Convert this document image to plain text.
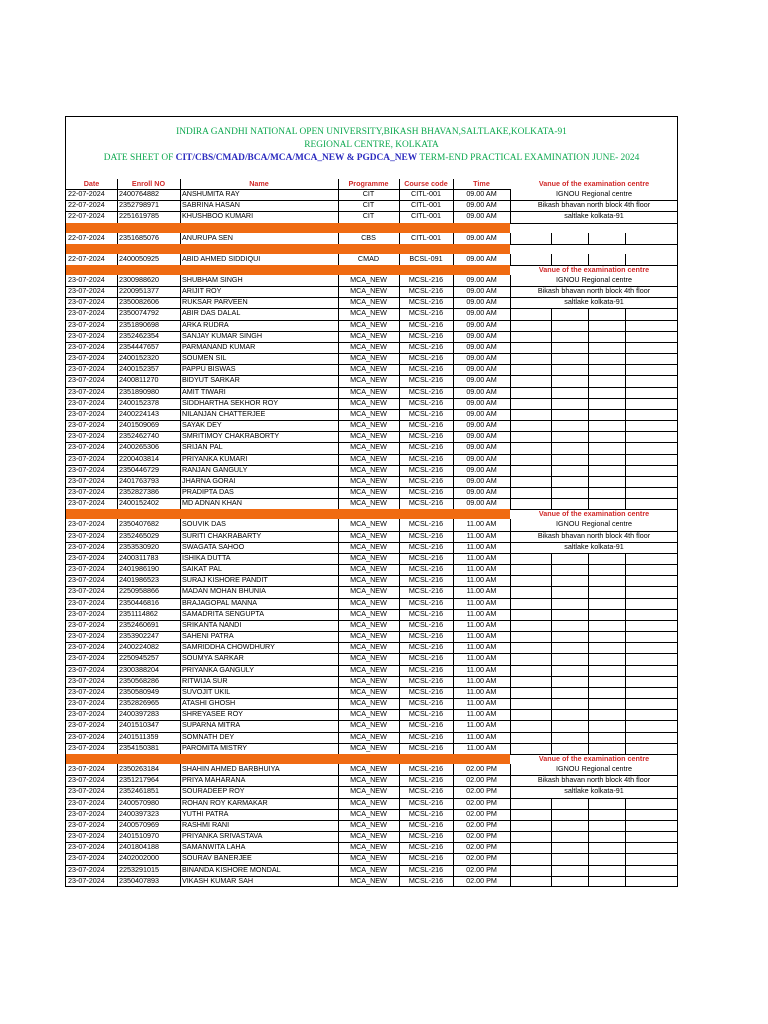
INDIRA GANDHI NATIONAL OPEN UNIVERSITY,BIKASH BHAVAN,SALTLAKE,KOLKATA-91
REGIONAL CENTRE, KOLKATA
DATE SHEET OF CIT/CBS/CMAD/BCA/MCA/MCA_NEW & PGDCA_NEW TERM-END PRACTICAL EXAMINATION JUNE- 2024
Date	Enroll NO	Name	Programme	Course code	Time	Vanue of the examination centre
22-07-2024	2400764882	ANSHUMITA RAY	CIT	CITL-001	09.00 AM	IGNOU Regional centre
22-07-2024	2352798971	SABRINA HASAN	CIT	CITL-001	09.00 AM	Bikash bhavan north block 4th floor
22-07-2024	2251619785	KHUSHBOO KUMARI	CIT	CITL-001	09.00 AM	saltlake kolkata-91
22-07-2024	2351685076	ANURUPA SEN	CBS	CITL-001	09.00 AM
22-07-2024	2400050925	ABID AHMED SIDDIQUI	CMAD	BCSL-091	09.00 AM
Vanue of the examination centre
23-07-2024	2300988620	SHUBHAM SINGH	MCA_NEW	MCSL-216	09.00 AM	IGNOU Regional centre
23-07-2024	2200951377	ARIJIT ROY	MCA_NEW	MCSL-216	09.00 AM	Bikash bhavan north block 4th floor
23-07-2024	2350082606	RUKSAR PARVEEN	MCA_NEW	MCSL-216	09.00 AM	saltlake kolkata-91
23-07-2024	2350074792	ABIR DAS DALAL	MCA_NEW	MCSL-216	09.00 AM
23-07-2024	2351890698	ARKA RUDRA	MCA_NEW	MCSL-216	09.00 AM
23-07-2024	2352462354	SANJAY KUMAR SINGH	MCA_NEW	MCSL-216	09.00 AM
23-07-2024	2354447657	PARMANAND KUMAR	MCA_NEW	MCSL-216	09.00 AM
23-07-2024	2400152320	SOUMEN SIL	MCA_NEW	MCSL-216	09.00 AM
23-07-2024	2400152357	PAPPU BISWAS	MCA_NEW	MCSL-216	09.00 AM
23-07-2024	2400811270	BIDYUT SARKAR	MCA_NEW	MCSL-216	09.00 AM
23-07-2024	2351890980	AMIT TIWARI	MCA_NEW	MCSL-216	09.00 AM
23-07-2024	2400152378	SIDDHARTHA SEKHOR ROY	MCA_NEW	MCSL-216	09.00 AM
23-07-2024	2400224143	NILANJAN CHATTERJEE	MCA_NEW	MCSL-216	09.00 AM
23-07-2024	2401509069	SAYAK DEY	MCA_NEW	MCSL-216	09.00 AM
23-07-2024	2352462740	SMRITIMOY CHAKRABORTY	MCA_NEW	MCSL-216	09.00 AM
23-07-2024	2400265306	SRIJAN PAL	MCA_NEW	MCSL-216	09.00 AM
23-07-2024	2200403814	PRIYANKA KUMARI	MCA_NEW	MCSL-216	09.00 AM
23-07-2024	2350446729	RANJAN GANGULY	MCA_NEW	MCSL-216	09.00 AM
23-07-2024	2401763793	JHARNA GORAI	MCA_NEW	MCSL-216	09.00 AM
23-07-2024	2352827386	PRADIPTA DAS	MCA_NEW	MCSL-216	09.00 AM
23-07-2024	2400152402	MD ADNAN KHAN	MCA_NEW	MCSL-216	09.00 AM
Vanue of the examination centre
23-07-2024	2350407682	SOUVIK DAS	MCA_NEW	MCSL-216	11.00 AM	IGNOU Regional centre
23-07-2024	2352465029	SURITI CHAKRABARTY	MCA_NEW	MCSL-216	11.00 AM	Bikash bhavan north block 4th floor
23-07-2024	2353530920	SWAGATA SAHOO	MCA_NEW	MCSL-216	11.00 AM	saltlake kolkata-91
23-07-2024	2400311783	ISHIKA DUTTA	MCA_NEW	MCSL-216	11.00 AM
23-07-2024	2401986190	SAIKAT PAL	MCA_NEW	MCSL-216	11.00 AM
23-07-2024	2401986523	SURAJ KISHORE PANDIT	MCA_NEW	MCSL-216	11.00 AM
23-07-2024	2250958866	MADAN MOHAN BHUNIA	MCA_NEW	MCSL-216	11.00 AM
23-07-2024	2350446816	BRAJAGOPAL MANNA	MCA_NEW	MCSL-216	11.00 AM
23-07-2024	2351114862	SAMADRITA SENGUPTA	MCA_NEW	MCSL-216	11.00 AM
23-07-2024	2352460691	SRIKANTA NANDI	MCA_NEW	MCSL-216	11.00 AM
23-07-2024	2353902247	SAHENI PATRA	MCA_NEW	MCSL-216	11.00 AM
23-07-2024	2400224082	SAMRIDDHA CHOWDHURY	MCA_NEW	MCSL-216	11.00 AM
23-07-2024	2250945257	SOUMYA SARKAR	MCA_NEW	MCSL-216	11.00 AM
23-07-2024	2300388204	PRIYANKA GANGULY	MCA_NEW	MCSL-216	11.00 AM
23-07-2024	2350568286	RITWIJA SUR	MCA_NEW	MCSL-216	11.00 AM
23-07-2024	2350580949	SUVOJIT UKIL	MCA_NEW	MCSL-216	11.00 AM
23-07-2024	2352826965	ATASHI GHOSH	MCA_NEW	MCSL-216	11.00 AM
23-07-2024	2400397283	SHREYASEE ROY	MCA_NEW	MCSL-216	11.00 AM
23-07-2024	2401510347	SUPARNA MITRA	MCA_NEW	MCSL-216	11.00 AM
23-07-2024	2401511359	SOMNATH DEY	MCA_NEW	MCSL-216	11.00 AM
23-07-2024	2354150381	PAROMITA MISTRY	MCA_NEW	MCSL-216	11.00 AM
Vanue of the examination centre
23-07-2024	2350263184	SHAHIN AHMED BARBHUIYA	MCA_NEW	MCSL-216	02.00 PM	IGNOU Regional centre
23-07-2024	2351217964	PRIYA MAHARANA	MCA_NEW	MCSL-216	02.00 PM	Bikash bhavan north block 4th floor
23-07-2024	2352461851	SOURADEEP ROY	MCA_NEW	MCSL-216	02.00 PM	saltlake kolkata-91
23-07-2024	2400570980	ROHAN ROY KARMAKAR	MCA_NEW	MCSL-216	02.00 PM
23-07-2024	2400397323	YUTHI PATRA	MCA_NEW	MCSL-216	02.00 PM
23-07-2024	2400570969	RASHMI RANI	MCA_NEW	MCSL-216	02.00 PM
23-07-2024	2401510970	PRIYANKA SRIVASTAVA	MCA_NEW	MCSL-216	02.00 PM
23-07-2024	2401804188	SAMANWITA LAHA	MCA_NEW	MCSL-216	02.00 PM
23-07-2024	2402002000	SOURAV BANERJEE	MCA_NEW	MCSL-216	02.00 PM
23-07-2024	2253291015	BINANDA KISHORE MONDAL	MCA_NEW	MCSL-216	02.00 PM
23-07-2024	2350407893	VIKASH KUMAR SAH	MCA_NEW	MCSL-216	02.00 PM
